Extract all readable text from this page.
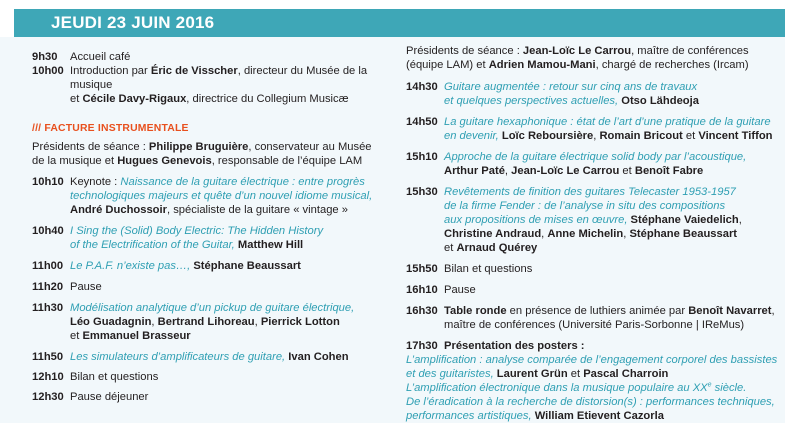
JEUDI 23 JUIN 2016
9h30 Accueil café
10h00 Introduction par Éric de Visscher, directeur du Musée de la musique
et Cécile Davy-Rigaux, directrice du Collegium Musicæ
/// FACTURE INSTRUMENTALE
Présidents de séance : Philippe Bruguière, conservateur au Musée
de la musique et Hugues Genevois, responsable de l’équipe LAM
10h10 Keynote : Naissance de la guitare électrique : entre progrès
technologiques majeurs et quête d’un nouvel idiome musical,
André Duchossoir, spécialiste de la guitare « vintage »
10h40 I Sing the (Solid) Body Electric: The Hidden History
of the Electrification of the Guitar, Matthew Hill
11h00 Le P.A.F. n’existe pas…, Stéphane Beaussart
11h20 Pause
11h30 Modélisation analytique d’un pickup de guitare électrique,
Léo Guadagnin, Bertrand Lihoreau, Pierrick Lotton
et Emmanuel Brasseur
11h50 Les simulateurs d’amplificateurs de guitare, Ivan Cohen
12h10 Bilan et questions
12h30 Pause déjeuner
Présidents de séance : Jean-Loïc Le Carrou, maître de conférences
(équipe LAM) et Adrien Mamou-Mani, chargé de recherches (Ircam)
14h30 Guitare augmentée : retour sur cinq ans de travaux
et quelques perspectives actuelles, Otso Lähdeoja
14h50 La guitare hexaphonique : état de l’art d’une pratique de la guitare
en devenir, Loïc Reboursière, Romain Bricout et Vincent Tiffon
15h10 Approche de la guitare électrique solid body par l’acoustique,
Arthur Paté, Jean-Loïc Le Carrou et Benoît Fabre
15h30 Revêtements de finition des guitares Telecaster 1953-1957
de la firme Fender : de l’analyse in situ des compositions
aux propositions de mises en œuvre, Stéphane Vaiedelich,
Christine Andraud, Anne Michelin, Stéphane Beaussart
et Arnaud Quérey
15h50 Bilan et questions
16h10 Pause
16h30 Table ronde en présence de luthiers animée par Benoît Navarret,
maître de conférences (Université Paris-Sorbonne | IReMus)
17h30 Présentation des posters :
L’amplification : analyse comparée de l’engagement corporel des bassistes
et des guitaristes, Laurent Grün et Pascal Charroin
L’amplification électronique dans la musique populaire au XXe siècle.
De l’éradication à la recherche de distorsion(s) : performances techniques,
performances artistiques, William Etievent Cazorla
